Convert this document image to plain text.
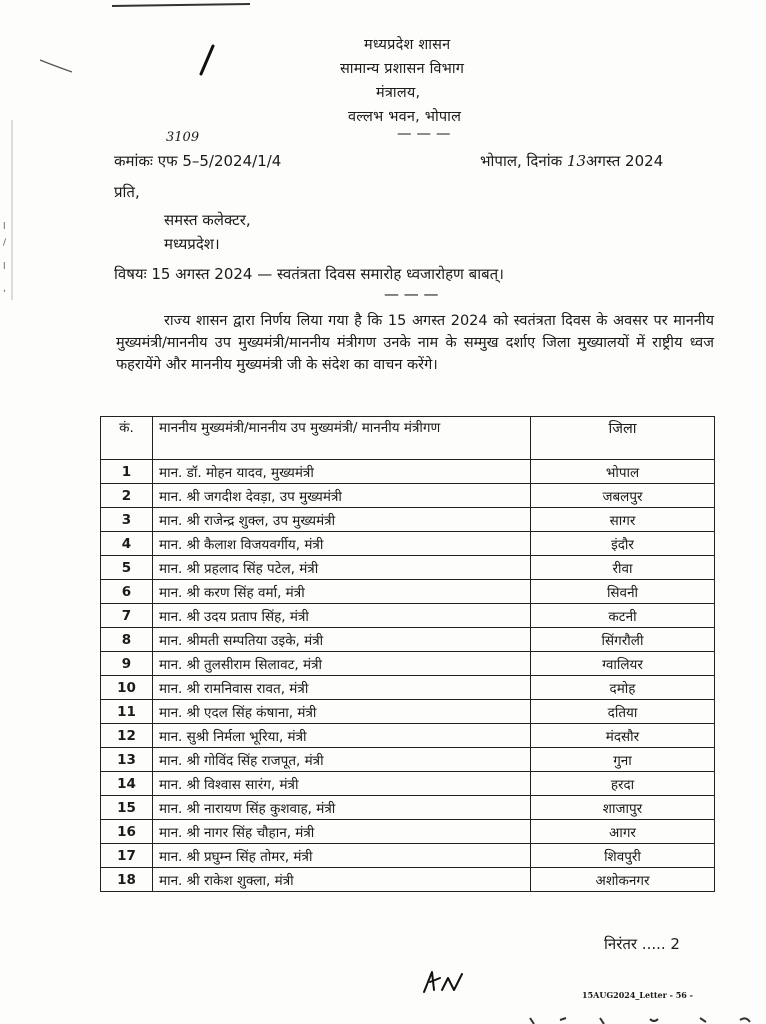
l
/
l
,
मध्यप्रदेश शासन
सामान्य प्रशासन विभाग
मंत्रालय,
वल्लभ भवन, भोपाल
— — —
3109
कमांकः एफ 5–5/2024/1/4	भोपाल, दिनांक 13अगस्त 2024
प्रति,
समस्त कलेक्टर,
मध्यप्रदेश।
विषयः 15 अगस्त 2024 — स्वतंत्रता दिवस समारोह ध्वजारोहण बाबत्।
— — —
राज्य शासन द्वारा निर्णय लिया गया है कि 15 अगस्त 2024 को स्वतंत्रता दिवस के अवसर पर माननीय मुख्यमंत्री/माननीय उप मुख्यमंत्री/माननीय मंत्रीगण उनके नाम के सम्मुख दर्शाए जिला मुख्यालयों में राष्ट्रीय ध्वज फहरायेंगे और माननीय मुख्यमंत्री जी के संदेश का वाचन करेंगे।
कं.	माननीय मुख्यमंत्री/माननीय उप मुख्यमंत्री/ माननीय मंत्रीगण	जिला
1	मान. डॉ. मोहन यादव, मुख्यमंत्री	भोपाल
2	मान. श्री जगदीश देवड़ा, उप मुख्यमंत्री	जबलपुर
3	मान. श्री राजेन्द्र शुक्ल, उप मुख्यमंत्री	सागर
4	मान. श्री कैलाश विजयवर्गीय, मंत्री	इंदौर
5	मान. श्री प्रहलाद सिंह पटेल, मंत्री	रीवा
6	मान. श्री करण सिंह वर्मा, मंत्री	सिवनी
7	मान. श्री उदय प्रताप सिंह, मंत्री	कटनी
8	मान. श्रीमती सम्पतिया उइके, मंत्री	सिंगरौली
9	मान. श्री तुलसीराम सिलावट, मंत्री	ग्वालियर
10	मान. श्री रामनिवास रावत, मंत्री	दमोह
11	मान. श्री एदल सिंह कंषाना, मंत्री	दतिया
12	मान. सुश्री निर्मला भूरिया, मंत्री	मंदसौर
13	मान. श्री गोविंद सिंह राजपूत, मंत्री	गुना
14	मान. श्री विश्वास सारंग, मंत्री	हरदा
15	मान. श्री नारायण सिंह कुशवाह, मंत्री	शाजापुर
16	मान. श्री नागर सिंह चौहान, मंत्री	आगर
17	मान. श्री प्रघुम्न सिंह तोमर, मंत्री	शिवपुरी
18	मान. श्री राकेश शुक्ला, मंत्री	अशोकनगर
निरंतर ..... 2
15AUG2024_Letter - 56 -
